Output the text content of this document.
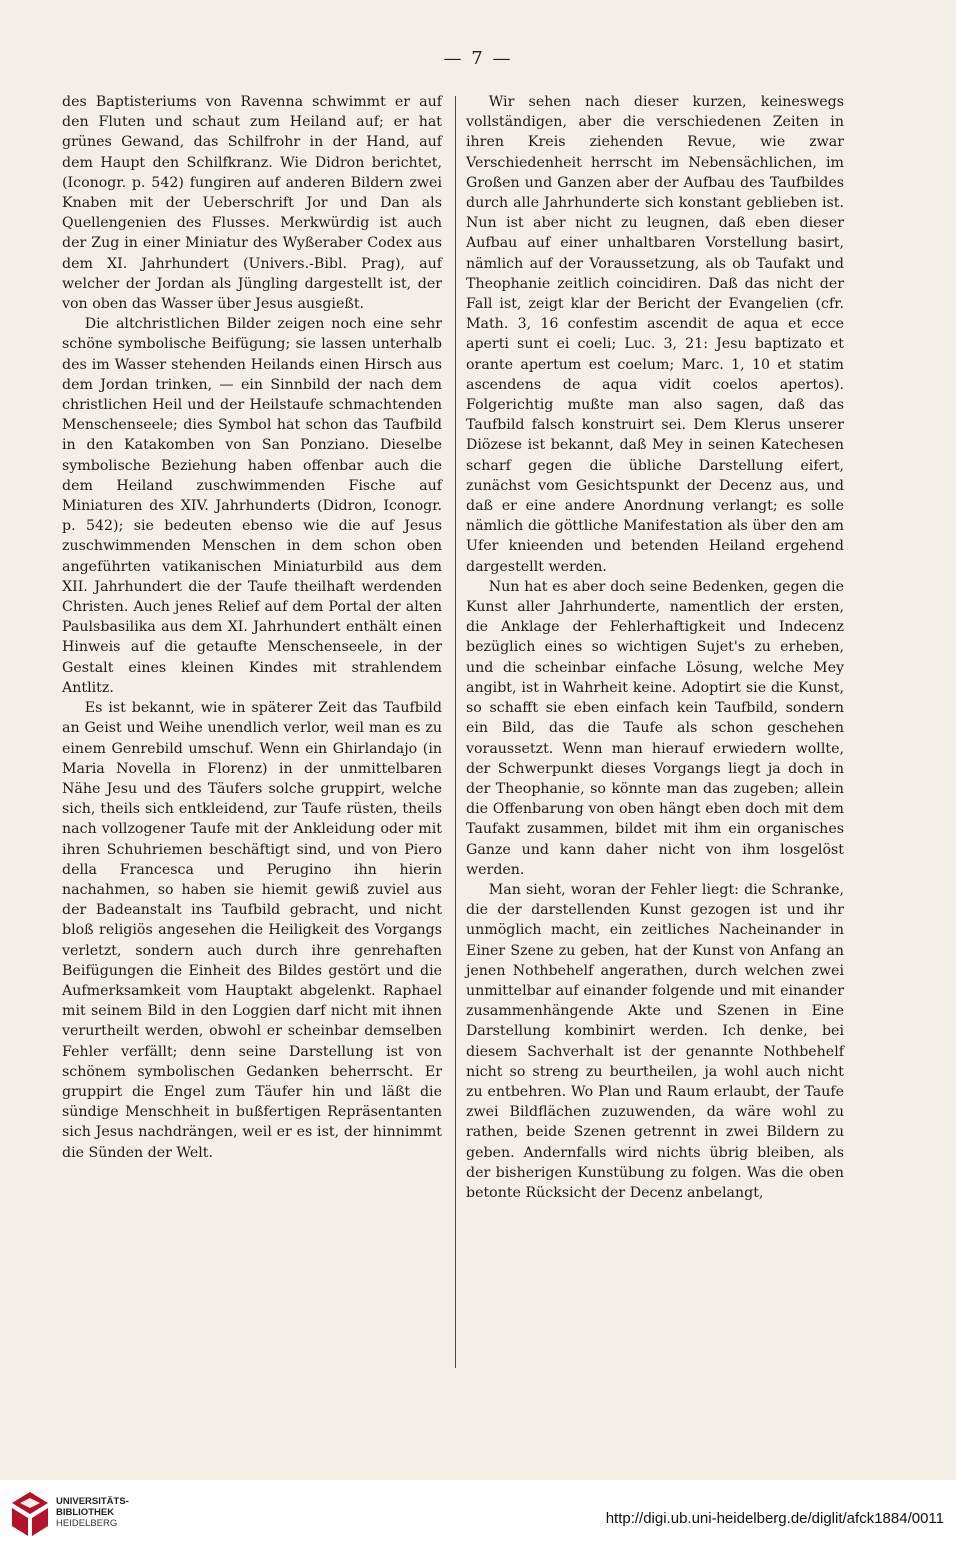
— 7 —

des Baptisteriums von Ravenna schwimmt er auf den Fluten und schaut zum Heiland auf; er hat grünes Gewand, das Schilfrohr in der Hand, auf dem Haupt den Schilfkranz. Wie Didron berichtet, (Iconogr. p. 542) fungiren auf anderen Bildern zwei Knaben mit der Ueberschrift Jor und Dan als Quellengenien des Flusses. Merkwürdig ist auch der Zug in einer Miniatur des Wyßeraber Codex aus dem XI. Jahrhundert (Univers.-Bibl. Prag), auf welcher der Jordan als Jüngling dargestellt ist, der von oben das Wasser über Jesus ausgießt.

Die altchristlichen Bilder zeigen noch eine sehr schöne symbolische Beifügung; sie lassen unterhalb des im Wasser stehenden Heilands einen Hirsch aus dem Jordan trinken, — ein Sinnbild der nach dem christlichen Heil und der Heilstaufe schmachtenden Menschenseele; dies Symbol hat schon das Taufbild in den Katakomben von San Ponziano. Dieselbe symbolische Beziehung haben offenbar auch die dem Heiland zuschwimmenden Fische auf Miniaturen des XIV. Jahrhunderts (Didron, Iconogr. p. 542); sie bedeuten ebenso wie die auf Jesus zuschwimmenden Menschen in dem schon oben angeführten vatikanischen Miniaturbild aus dem XII. Jahrhundert die der Taufe theilhaft werdenden Christen. Auch jenes Relief auf dem Portal der alten Paulsbasilika aus dem XI. Jahrhundert enthält einen Hinweis auf die getaufte Menschenseele, in der Gestalt eines kleinen Kindes mit strahlendem Antlitz.

Es ist bekannt, wie in späterer Zeit das Taufbild an Geist und Weihe unendlich verlor, weil man es zu einem Genrebild umschuf. Wenn ein Ghirlandajo (in Maria Novella in Florenz) in der unmittelbaren Nähe Jesu und des Täufers solche gruppirt, welche sich, theils sich entkleidend, zur Taufe rüsten, theils nach vollzogener Taufe mit der Ankleidung oder mit ihren Schuhriemen beschäftigt sind, und von Piero della Francesca und Perugino ihn hierin nachahmen, so haben sie hiemit gewiß zuviel aus der Badeanstalt ins Taufbild gebracht, und nicht bloß religiös angesehen die Heiligkeit des Vorgangs verletzt, sondern auch durch ihre genrehaften Beifügungen die Einheit des Bildes gestört und die Aufmerksamkeit vom Hauptakt abgelenkt. Raphael mit seinem Bild in den Loggien darf nicht mit ihnen verurtheilt werden, obwohl er scheinbar demselben Fehler verfällt; denn seine Darstellung ist von schönem symbolischen Gedanken beherrscht. Er gruppirt die Engel zum Täufer hin und läßt die sündige Menschheit in bußfertigen Repräsentanten sich Jesus nachdrängen, weil er es ist, der hinnimmt die Sünden der Welt.

Wir sehen nach dieser kurzen, keineswegs vollständigen, aber die verschiedenen Zeiten in ihren Kreis ziehenden Revue, wie zwar Verschiedenheit herrscht im Nebensächlichen, im Großen und Ganzen aber der Aufbau des Taufbildes durch alle Jahrhunderte sich konstant geblieben ist. Nun ist aber nicht zu leugnen, daß eben dieser Aufbau auf einer unhaltbaren Vorstellung basirt, nämlich auf der Voraussetzung, als ob Taufakt und Theophanie zeitlich coincidiren. Daß das nicht der Fall ist, zeigt klar der Bericht der Evangelien (cfr. Math. 3, 16 confestim ascendit de aqua et ecce aperti sunt ei coeli; Luc. 3, 21: Jesu baptizato et orante apertum est coelum; Marc. 1, 10 et statim ascendens de aqua vidit coelos apertos). Folgerichtig mußte man also sagen, daß das Taufbild falsch konstruirt sei. Dem Klerus unserer Diözese ist bekannt, daß Mey in seinen Katechesen scharf gegen die übliche Darstellung eifert, zunächst vom Gesichtspunkt der Decenz aus, und daß er eine andere Anordnung verlangt; es solle nämlich die göttliche Manifestation als über den am Ufer knieenden und betenden Heiland ergehend dargestellt werden.

Nun hat es aber doch seine Bedenken, gegen die Kunst aller Jahrhunderte, namentlich der ersten, die Anklage der Fehlerhaftigkeit und Indecenz bezüglich eines so wichtigen Sujet's zu erheben, und die scheinbar einfache Lösung, welche Mey angibt, ist in Wahrheit keine. Adoptirt sie die Kunst, so schafft sie eben einfach kein Taufbild, sondern ein Bild, das die Taufe als schon geschehen voraussetzt. Wenn man hierauf erwiedern wollte, der Schwerpunkt dieses Vorgangs liegt ja doch in der Theophanie, so könnte man das zugeben; allein die Offenbarung von oben hängt eben doch mit dem Taufakt zusammen, bildet mit ihm ein organisches Ganze und kann daher nicht von ihm losgelöst werden.

Man sieht, woran der Fehler liegt: die Schranke, die der darstellenden Kunst gezogen ist und ihr unmöglich macht, ein zeitliches Nacheinander in Einer Szene zu geben, hat der Kunst von Anfang an jenen Nothbehelf angerathen, durch welchen zwei unmittelbar auf einander folgende und mit einander zusammenhängende Akte und Szenen in Eine Darstellung kombinirt werden. Ich denke, bei diesem Sachverhalt ist der genannte Nothbehelf nicht so streng zu beurtheilen, ja wohl auch nicht zu entbehren. Wo Plan und Raum erlaubt, der Taufe zwei Bildflächen zuzuwenden, da wäre wohl zu rathen, beide Szenen getrennt in zwei Bildern zu geben. Andernfalls wird nichts übrig bleiben, als der bisherigen Kunstübung zu folgen. Was die oben betonte Rücksicht der Decenz anbelangt,

UNIVERSITÄTS-
BIBLIOTHEK
HEIDELBERG	http://digi.ub.uni-heidelberg.de/diglit/afck1884/0011
